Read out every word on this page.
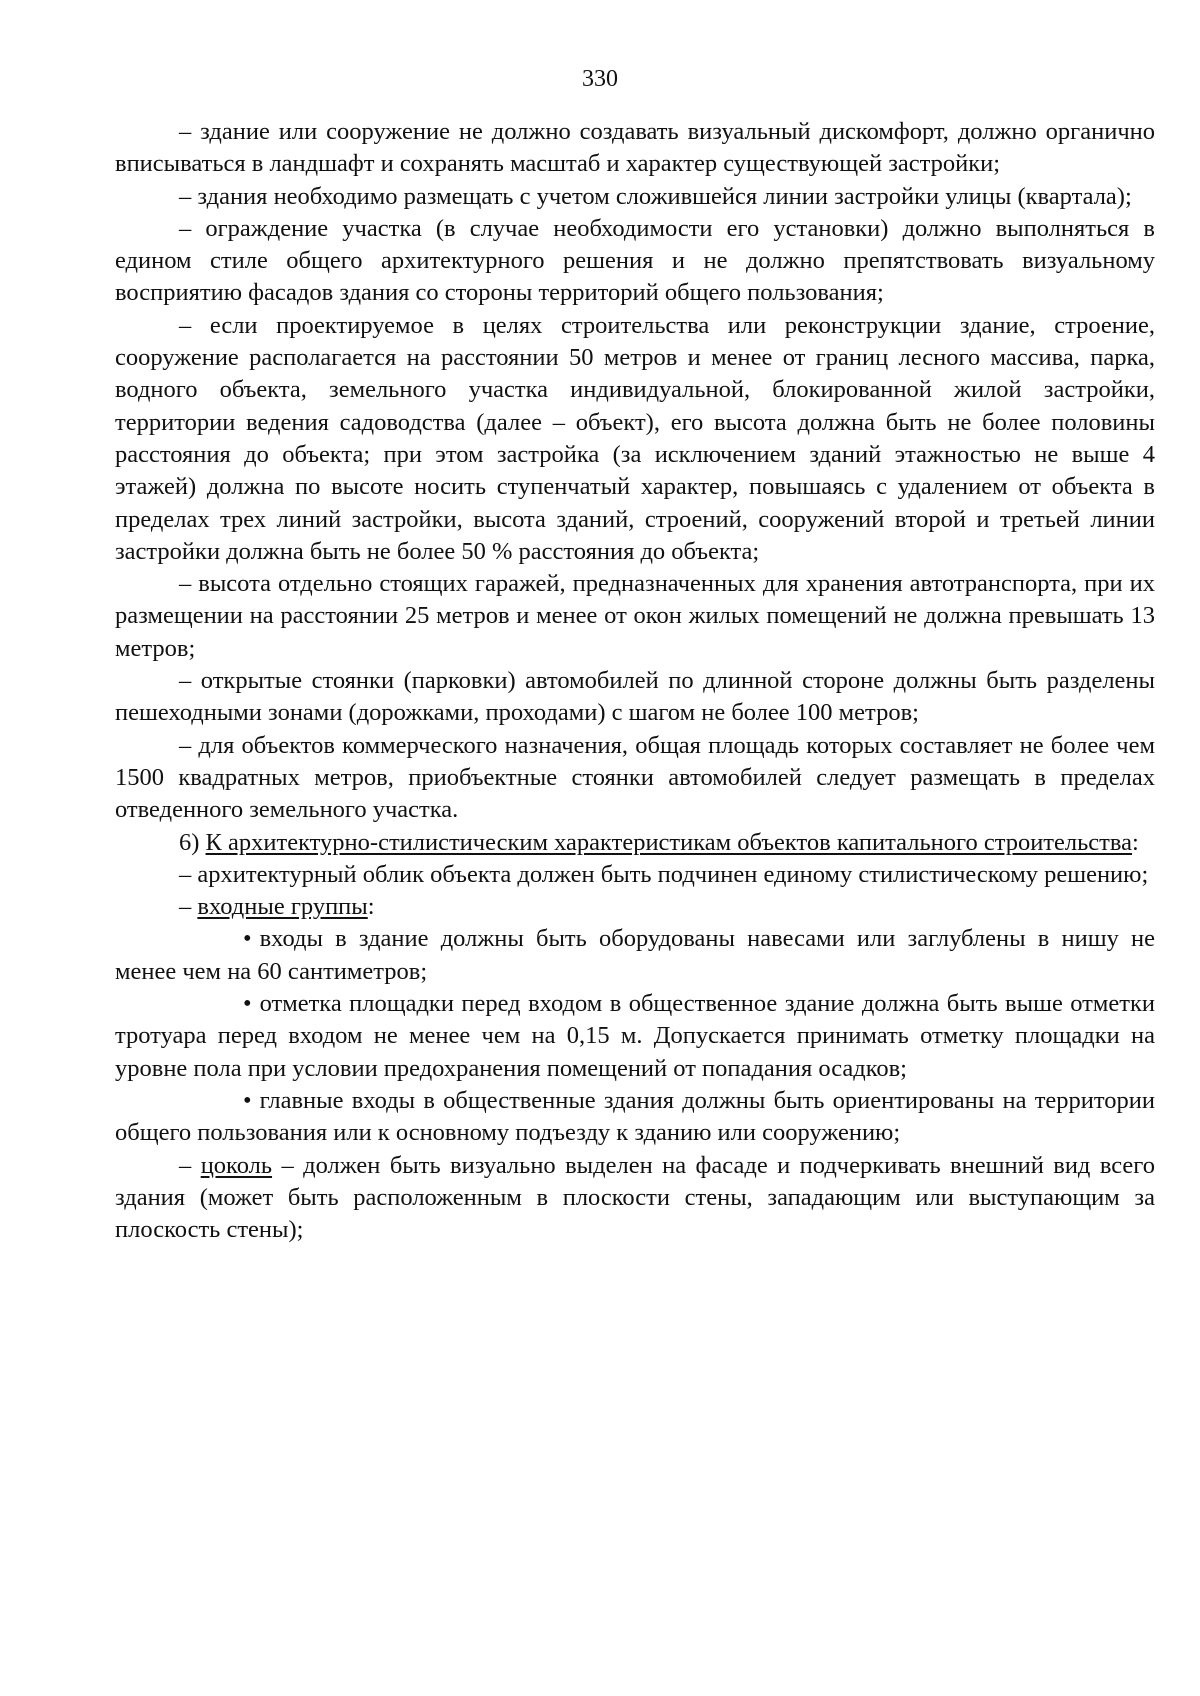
330

– здание или сооружение не должно создавать визуальный дискомфорт, должно органично вписываться в ландшафт и сохранять масштаб и характер существующей застройки;

– здания необходимо размещать с учетом сложившейся линии застройки улицы (квартала);

– ограждение участка (в случае необходимости его установки) должно выполняться в едином стиле общего архитектурного решения и не должно препятствовать визуальному восприятию фасадов здания со стороны территорий общего пользования;

– если проектируемое в целях строительства или реконструкции здание, строение, сооружение располагается на расстоянии 50 метров и менее от границ лесного массива, парка, водного объекта, земельного участка индивидуальной, блокированной жилой застройки, территории ведения садоводства (далее – объект), его высота должна быть не более половины расстояния до объекта; при этом застройка (за исключением зданий этажностью не выше 4 этажей) должна по высоте носить ступенчатый характер, повышаясь с удалением от объекта в пределах трех линий застройки, высота зданий, строений, сооружений второй и третьей линии застройки должна быть не более 50 % расстояния до объекта;

– высота отдельно стоящих гаражей, предназначенных для хранения автотранспорта, при их размещении на расстоянии 25 метров и менее от окон жилых помещений не должна превышать 13 метров;

– открытые стоянки (парковки) автомобилей по длинной стороне должны быть разделены пешеходными зонами (дорожками, проходами) с шагом не более 100 метров;

– для объектов коммерческого назначения, общая площадь которых составляет не более чем 1500 квадратных метров, приобъектные стоянки автомобилей следует размещать в пределах отведенного земельного участка.

6) К архитектурно-стилистическим характеристикам объектов капитального строительства:

– архитектурный облик объекта должен быть подчинен единому стилистическому решению;

– входные группы:

• входы в здание должны быть оборудованы навесами или заглублены в нишу не менее чем на 60 сантиметров;

• отметка площадки перед входом в общественное здание должна быть выше отметки тротуара перед входом не менее чем на 0,15 м. Допускается принимать отметку площадки на уровне пола при условии предохранения помещений от попадания осадков;

• главные входы в общественные здания должны быть ориентированы на территории общего пользования или к основному подъезду к зданию или сооружению;

– цоколь – должен быть визуально выделен на фасаде и подчеркивать внешний вид всего здания (может быть расположенным в плоскости стены, западающим или выступающим за плоскость стены);
